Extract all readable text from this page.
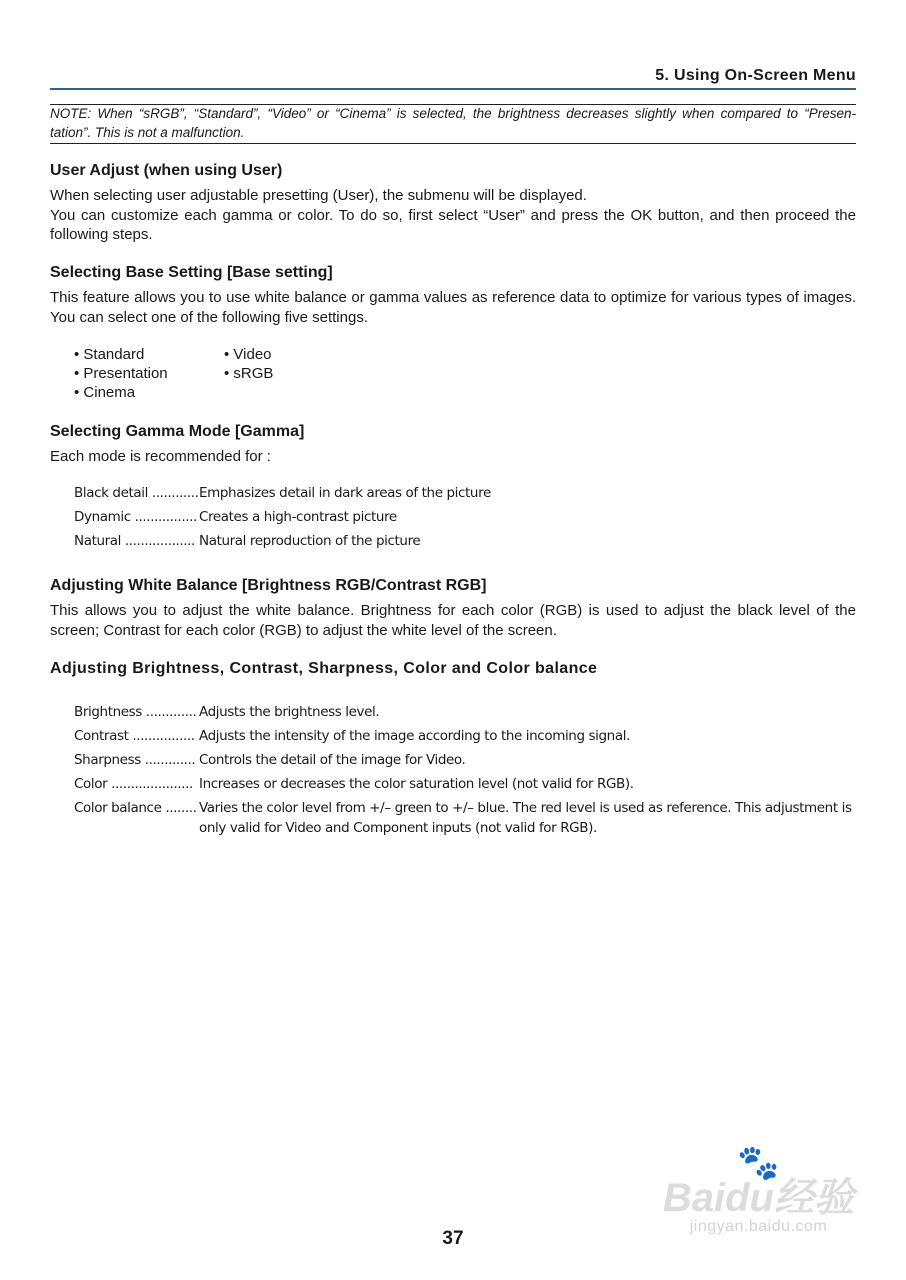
5. Using On-Screen Menu
NOTE: When “sRGB”, “Standard”, “Video” or “Cinema” is selected, the brightness decreases slightly when compared to “Presen- tation”. This is not a malfunction.
User Adjust (when using User)

When selecting user adjustable presetting (User), the submenu will be displayed.

You can customize each gamma or color. To do so, first select “User” and press the OK button, and then proceed the following steps.

Selecting Base Setting [Base setting]
This feature allows you to use white balance or gamma values as reference data to optimize for various types of images. You can select one of the following five settings.
• Standard	• Video
• Presentation	• sRGB
• Cinema
Selecting Gamma Mode [Gamma]
Each mode is recommended for :
Black detail ............ Emphasizes detail in dark areas of the picture
Dynamic ................ Creates a high-contrast picture
Natural .................. Natural reproduction of the picture
Adjusting White Balance [Brightness RGB/Contrast RGB]
This allows you to adjust the white balance. Brightness for each color (RGB) is used to adjust the black level of the screen; Contrast for each color (RGB) to adjust the white level of the screen.
Adjusting Brightness, Contrast, Sharpness, Color and Color balance
Brightness ............. Adjusts the brightness level.
Contrast ................ Adjusts the intensity of the image according to the incoming signal.
Sharpness ............. Controls the detail of the image for Video.
Color ..................... Increases or decreases the color saturation level (not valid for RGB).
Color balance ........ Varies the color level from +/– green to +/– blue. The red level is used as reference. This adjustment is only valid for Video and Component inputs (not valid for RGB).
🐾
Baidu经验
jingyan.baidu.com
37
